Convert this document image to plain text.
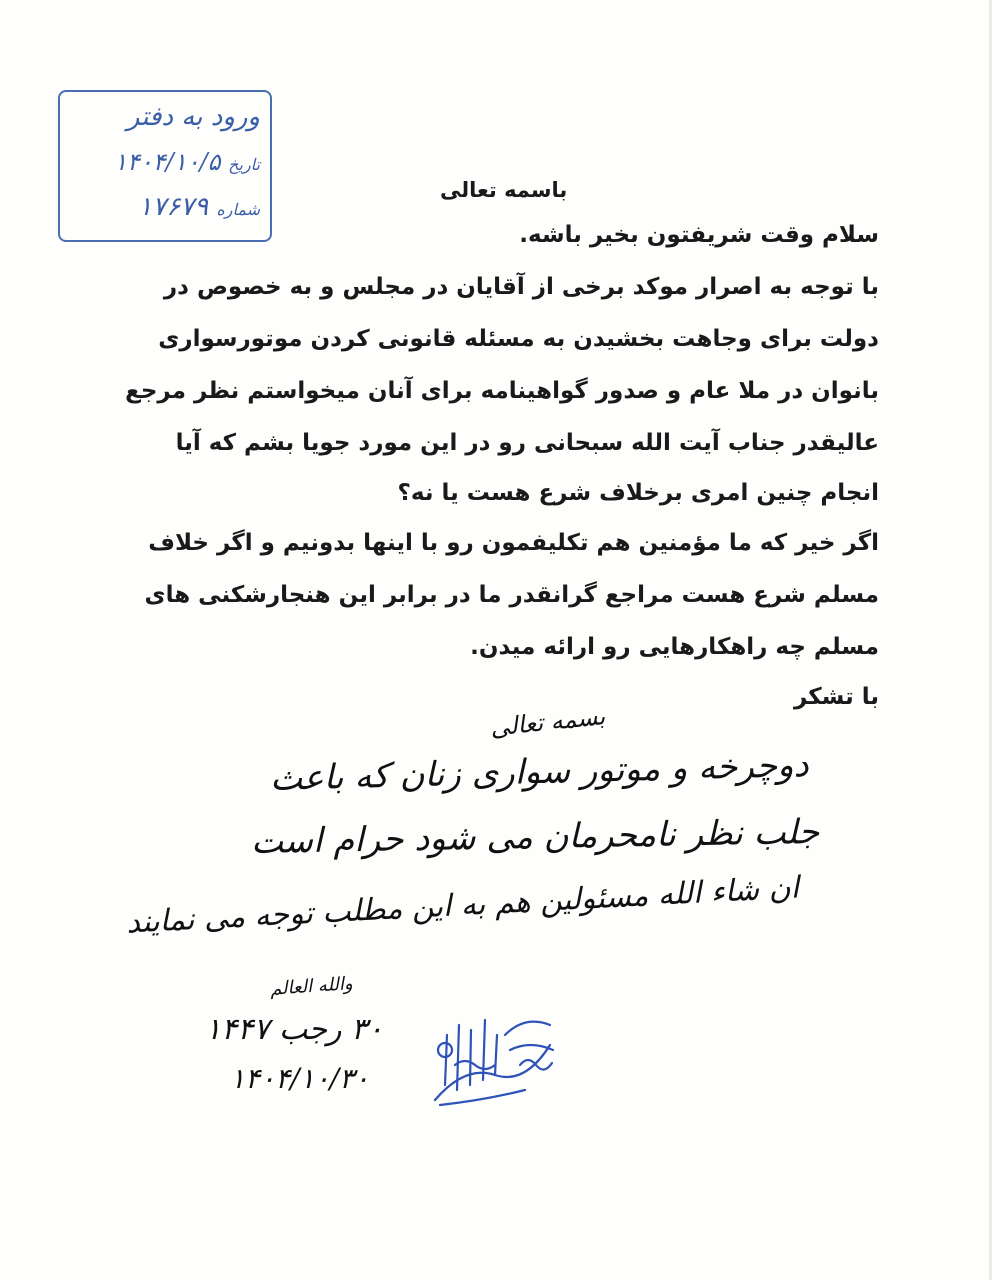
ورود به دفتر
تاریخ ۱۴۰۴/۱۰/۵
شماره ۱۷۶۷۹
باسمه تعالی
سلام وقت شریفتون بخیر باشه.
با توجه به اصرار موکد برخی از آقایان در مجلس و به خصوص در
دولت برای وجاهت بخشیدن به مسئله قانونی کردن موتورسواری
بانوان در ملا عام و صدور گواهینامه برای آنان میخواستم نظر مرجع
عالیقدر جناب آیت الله سبحانی رو در این مورد جویا بشم که آیا
انجام چنین امری برخلاف شرع هست یا نه؟
اگر خیر که ما مؤمنین هم تکلیفمون رو با اینها بدونیم و اگر خلاف
مسلم شرع هست مراجع گرانقدر ما در برابر این هنجارشکنی های
مسلم چه راهکارهایی رو ارائه میدن.
با تشکر
بسمه تعالی
دوچرخه و موتور سواری زنان که باعث
جلب نظر نامحرمان می شود حرام است
ان شاء الله مسئولین هم به این مطلب توجه می نمایند
والله العالم
۳۰ رجب ۱۴۴۷
۱۴۰۴/۱۰/۳۰
